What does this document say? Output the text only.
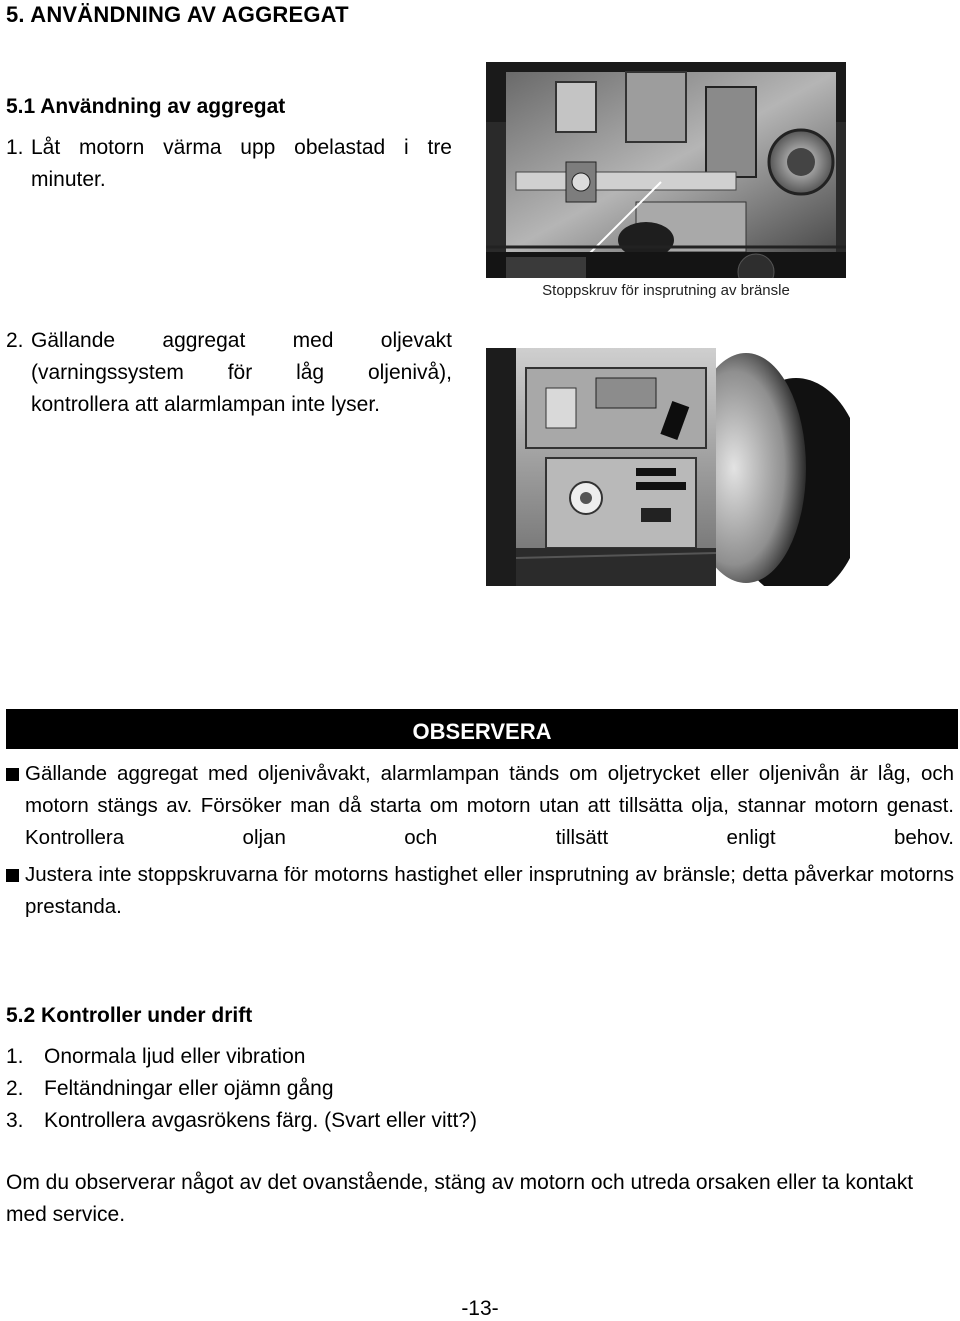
5. ANVÄNDNING AV AGGREGAT
5.1 Användning av aggregat
1. Låt motorn värma upp obelastad i tre
minuter.
2. Gällande aggregat med oljevakt
(varningssystem för låg oljenivå),
kontrollera att alarmlampan inte lyser.
Stoppskruv för insprutning av bränsle
OBSERVERA
Gällande aggregat med oljenivåvakt, alarmlampan tänds om oljetrycket eller oljenivån är låg, och motorn stängs av. Försöker man då starta om motorn utan att tillsätta olja, stannar motorn genast. Kontrollera oljan och tillsätt enligt behov.
Justera inte stoppskruvarna för motorns hastighet eller insprutning av bränsle; detta påverkar motorns prestanda.
5.2 Kontroller under drift
1. Onormala ljud eller vibration
2. Feltändningar eller ojämn gång
3. Kontrollera avgasrökens färg. (Svart eller vitt?)
Om du observerar något av det ovanstående, stäng av motorn och utreda orsaken eller ta kontakt med service.
-13-
